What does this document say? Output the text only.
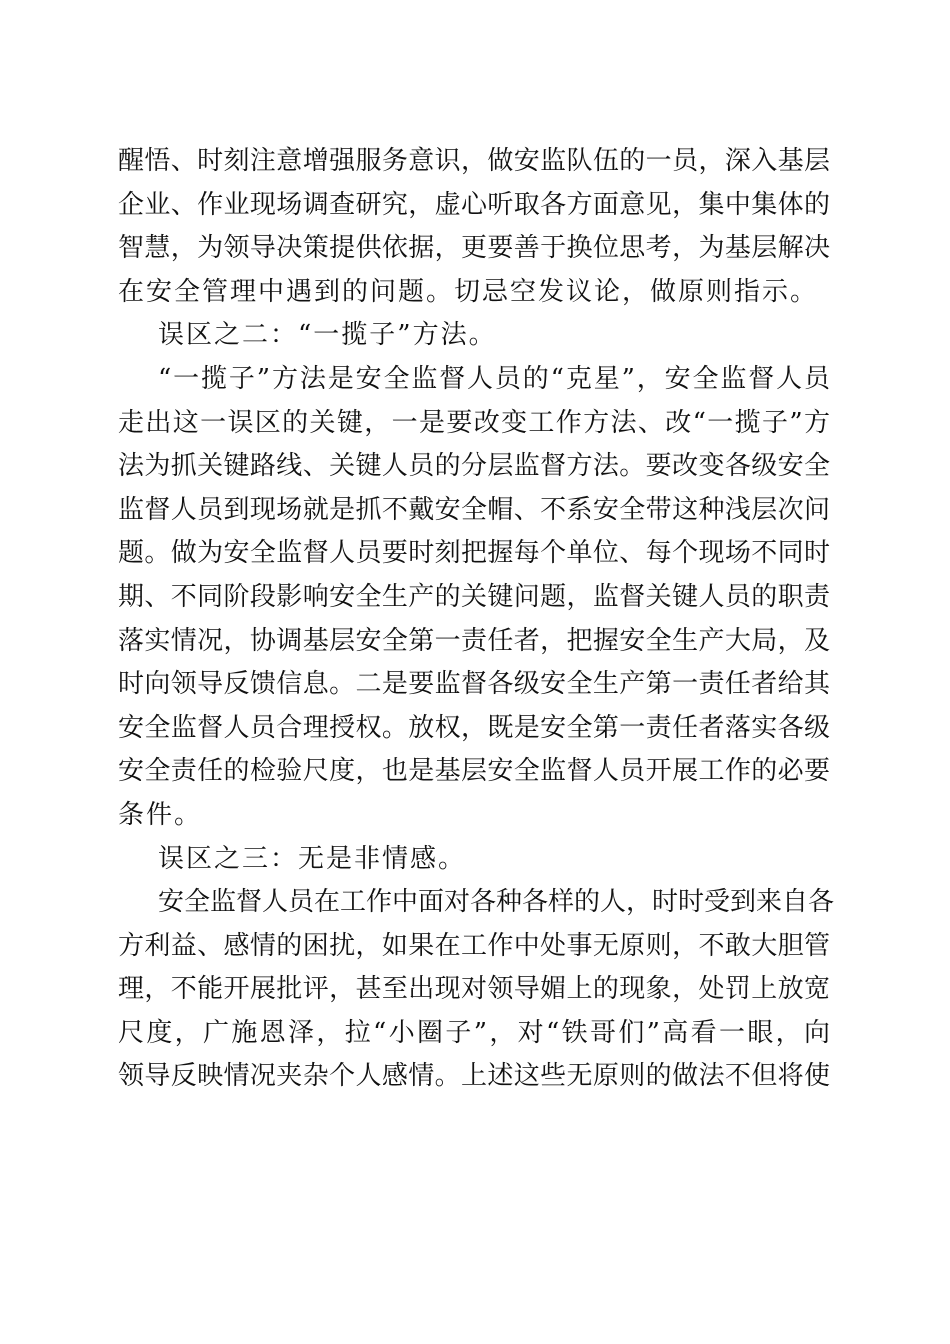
醒悟、时刻注意增强服务意识，做安监队伍的一员，深入基层
企业、作业现场调查研究，虚心听取各方面意见，集中集体的
智慧，为领导决策提供依据，更要善于换位思考，为基层解决
在安全管理中遇到的问题。切忌空发议论，做原则指示。
误区之二：“一揽子”方法。
“一揽子”方法是安全监督人员的“克星”，安全监督人员
走出这一误区的关键，一是要改变工作方法、改“一揽子”方
法为抓关键路线、关键人员的分层监督方法。要改变各级安全
监督人员到现场就是抓不戴安全帽、不系安全带这种浅层次问
题。做为安全监督人员要时刻把握每个单位、每个现场不同时
期、不同阶段影响安全生产的关键问题，监督关键人员的职责
落实情况，协调基层安全第一责任者，把握安全生产大局，及
时向领导反馈信息。二是要监督各级安全生产第一责任者给其
安全监督人员合理授权。放权，既是安全第一责任者落实各级
安全责任的检验尺度，也是基层安全监督人员开展工作的必要
条件。
误区之三：无是非情感。
安全监督人员在工作中面对各种各样的人，时时受到来自各
方利益、感情的困扰，如果在工作中处事无原则，不敢大胆管
理，不能开展批评，甚至出现对领导媚上的现象，处罚上放宽
尺度，广施恩泽，拉“小圈子”，对“铁哥们”高看一眼，向
领导反映情况夹杂个人感情。上述这些无原则的做法不但将使
